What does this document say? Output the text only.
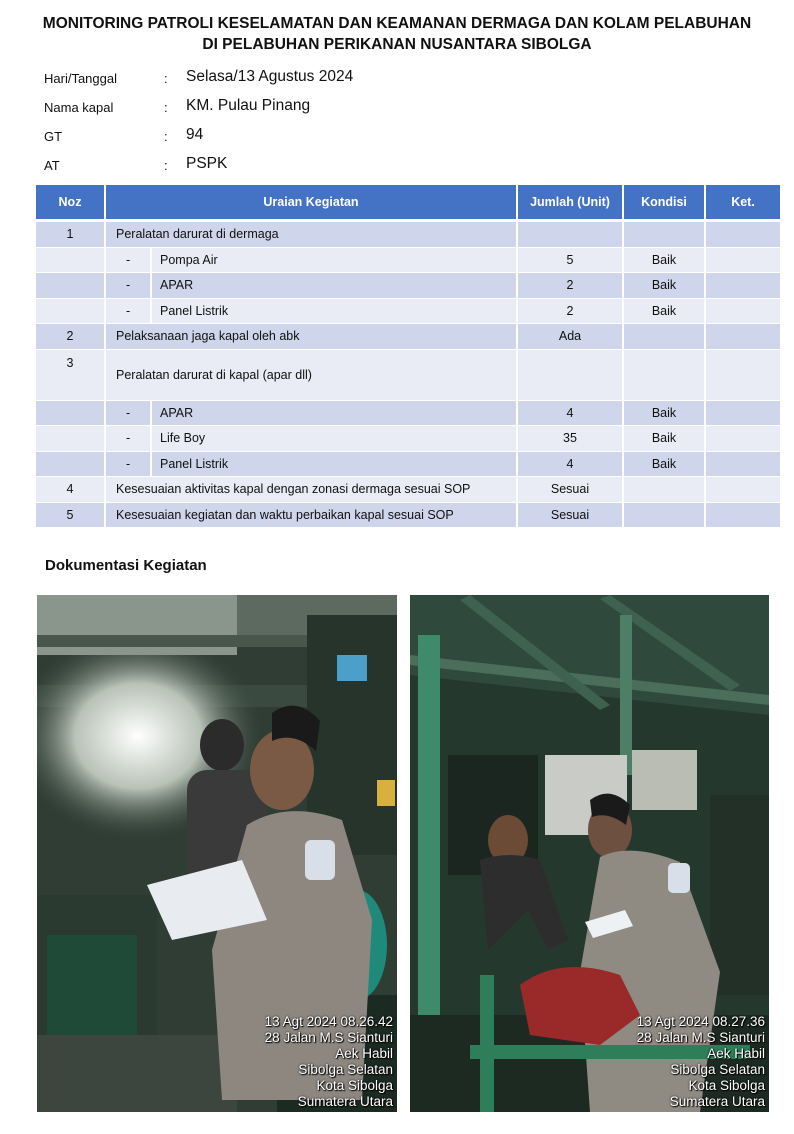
MONITORING PATROLI KESELAMATAN DAN KEAMANAN DERMAGA DAN KOLAM PELABUHAN
DI PELABUHAN PERIKANAN NUSANTARA SIBOLGA
Hari/Tanggal	: Selasa/13 Agustus 2024
Nama kapal	: KM. Pulau Pinang
GT	: 94
AT	: PSPK
Noz	Uraian Kegiatan	Jumlah (Unit)	Kondisi	Ket.
1	Peralatan darurat di dermaga			

	- Pompa Air	5	Baik	

	- APAR	2	Baik	

	- Panel Listrik	2	Baik	
2	Pelaksanaan jaga kapal oleh abk	Ada		
3	Peralatan darurat di kapal (apar dll)			

	- APAR	4	Baik	

	- Life Boy	35	Baik	

	- Panel Listrik	4	Baik	
4	Kesesuaian aktivitas kapal dengan zonasi dermaga sesuai SOP	Sesuai		
5	Kesesuaian kegiatan dan waktu perbaikan kapal sesuai SOP	Sesuai		
Dokumentasi Kegiatan
13 Agt 2024 08.26.42
28 Jalan M.S Sianturi
Aek Habil
Sibolga Selatan
Kota Sibolga
Sumatera Utara
13 Agt 2024 08.27.36
28 Jalan M.S Sianturi
Aek Habil
Sibolga Selatan
Kota Sibolga
Sumatera Utara
